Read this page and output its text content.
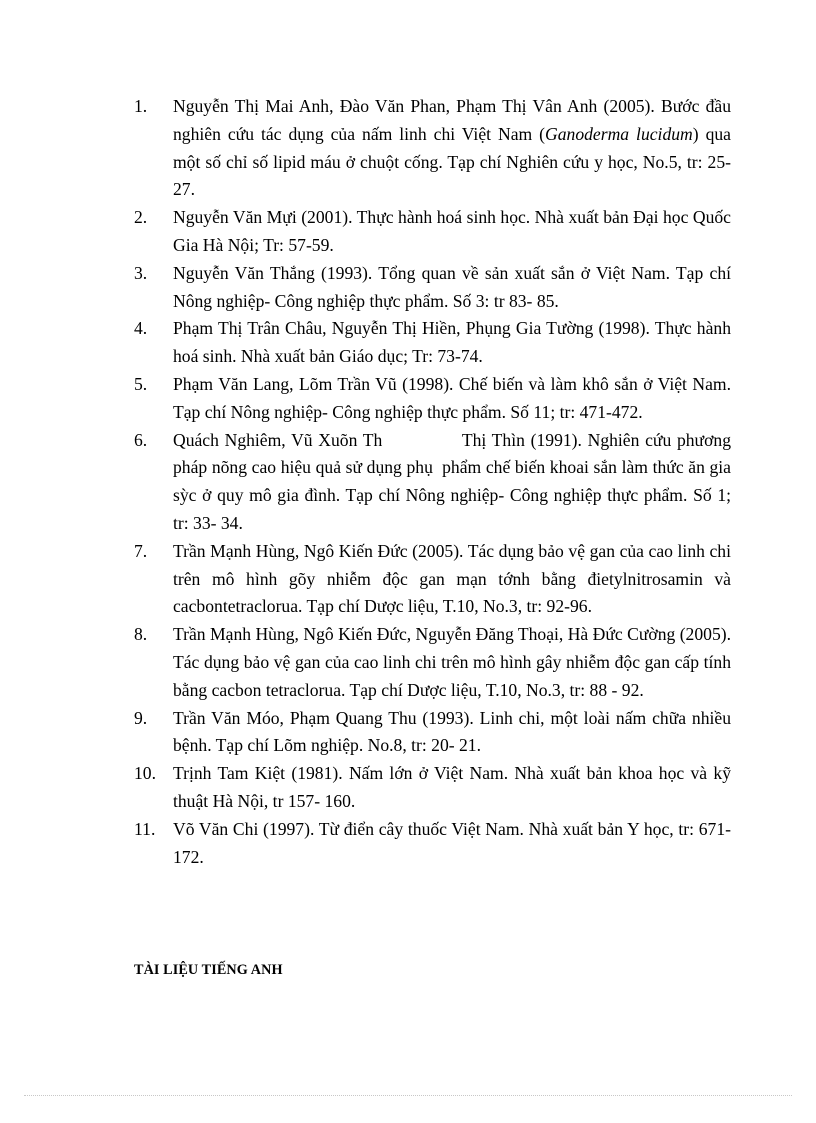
1.	Nguyễn Thị Mai Anh, Đào Văn Phan, Phạm Thị Vân Anh (2005). Bước đầu nghiên cứu tác dụng của nấm linh chi Việt Nam (Ganoderma lucidum) qua một số chỉ số lipid máu ở chuột cống. Tạp chí Nghiên cứu y học, No.5, tr: 25-27.
2.	Nguyễn Văn Mựi (2001). Thực hành hoá sinh học. Nhà xuất bản Đại học Quốc Gia Hà Nội; Tr: 57-59.
3.	Nguyễn Văn Thắng (1993). Tổng quan về sản xuất sắn ở Việt Nam. Tạp chí Nông nghiệp- Công nghiệp thực phẩm. Số 3: tr 83- 85.
4.	Phạm Thị Trân Châu, Nguyễn Thị Hiền, Phụng Gia Tường (1998). Thực hành hoá sinh. Nhà xuất bản Giáo dục; Tr: 73-74.
5.	Phạm Văn Lang, Lõm Trần Vũ (1998). Chế biến và làm khô sắn ở Việt Nam. Tạp chí Nông nghiệp- Công nghiệp thực phẩm. Số 11; tr: 471-472.
6.	Quách Nghiêm, Vũ Xuõn Th              Thị Thìn (1991). Nghiên cứu phương pháp nõng cao hiệu quả sử dụng phụ  phẩm chế biến khoai sắn làm thức ăn gia sỳc ở quy mô gia đình. Tạp chí Nông nghiệp- Công nghiệp thực phẩm. Số 1; tr: 33- 34.
7.	Trần Mạnh Hùng, Ngô Kiến Đức (2005). Tác dụng bảo vệ gan của cao linh chi trên mô hình gõy nhiễm độc gan mạn tớnh bằng đietylnitrosamin và cacbontetraclorua. Tạp chí Dược liệu, T.10, No.3, tr: 92-96.
8.	Trần Mạnh Hùng, Ngô Kiến Đức, Nguyễn Đăng Thoại, Hà Đức Cường (2005). Tác dụng bảo vệ gan của cao linh chi trên mô hình gây nhiễm độc gan cấp tính bằng cacbon tetraclorua. Tạp chí Dược liệu, T.10, No.3, tr: 88 - 92.
9.	Trần Văn Móo, Phạm Quang Thu (1993). Linh chi, một loài nấm chữa nhiều bệnh. Tạp chí Lõm nghiệp. No.8, tr: 20- 21.
10. Trịnh Tam Kiệt (1981). Nấm lớn ở Việt Nam. Nhà xuất bản khoa học và kỹ thuật Hà Nội, tr 157- 160.
11.	Võ Văn Chi (1997). Từ điển cây thuốc Việt Nam. Nhà xuất bản Y học, tr: 671- 172.
TÀI LIỆU TIẾNG ANH
